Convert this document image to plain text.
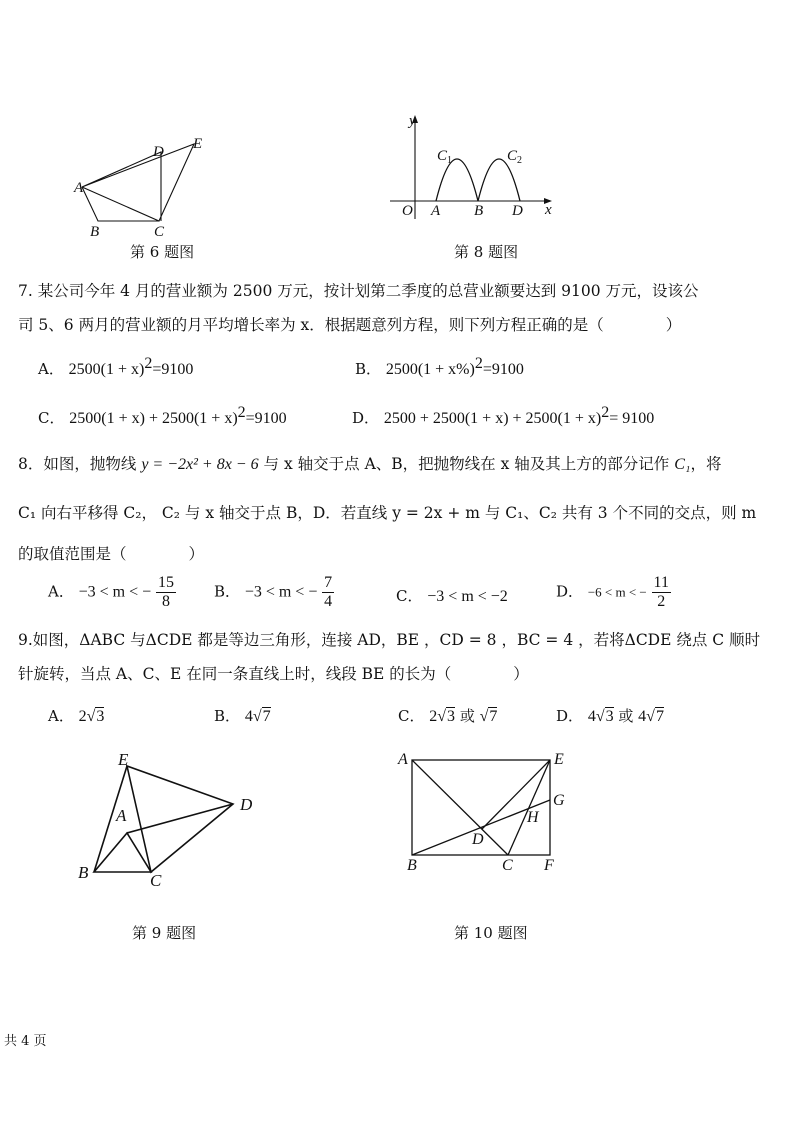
A
B	C
D E
第 6 题图
y
x
O A B D
C 1	C 2
第 8 题图
7. 某公司今年 4 月的营业额为 2500 万元，按计划第二季度的总营业额要达到 9100 万元，设该公
司 5、6 两月的营业额的月平均增长率为 x．根据题意列方程，则下列方程正确的是（　　　　）
A． $2500(1 + x)^2=9100$	B． $2500(1 + x\%)^2=9100$
C． $2500(1 + x) + 2500(1 + x)^2=9100$	D． $2500 + 2500(1 + x) + 2500(1 + x)^2= 9100$
8．如图，抛物线 y = −2x² + 8x − 6 与 x 轴交于点 A、B，把抛物线在 x 轴及其上方的部分记作 C₁，将
C₁ 向右平移得 C₂， C₂ 与 x 轴交于点 B，D．若直线 y = 2x + m 与 C₁、C₂ 共有 3 个不同的交点，则 m
的取值范围是（　　　　）
A． −3 < m < − $\frac{15}{8}$	B． −3 < m < − $\frac{7}{4}$	C． −3 < m < −2	D． −6 < m < − $\frac{11}{2}$
9.如图，ΔABC 与ΔCDE 都是等边三角形，连接 AD，BE ，CD = 8 ，BC = 4 ，若将ΔCDE 绕点 C 顺时
针旋转，当点 A、C、E 在同一条直线上时，线段 BE 的长为（　　　　）
A． 2√3	B． 4√7	C． 2√3 或 √7	D． 4√3 或 4√7
E
A
D
B	C
第 9 题图
A	E
G
H
D
B	C F
第 10 题图
共 4 页
